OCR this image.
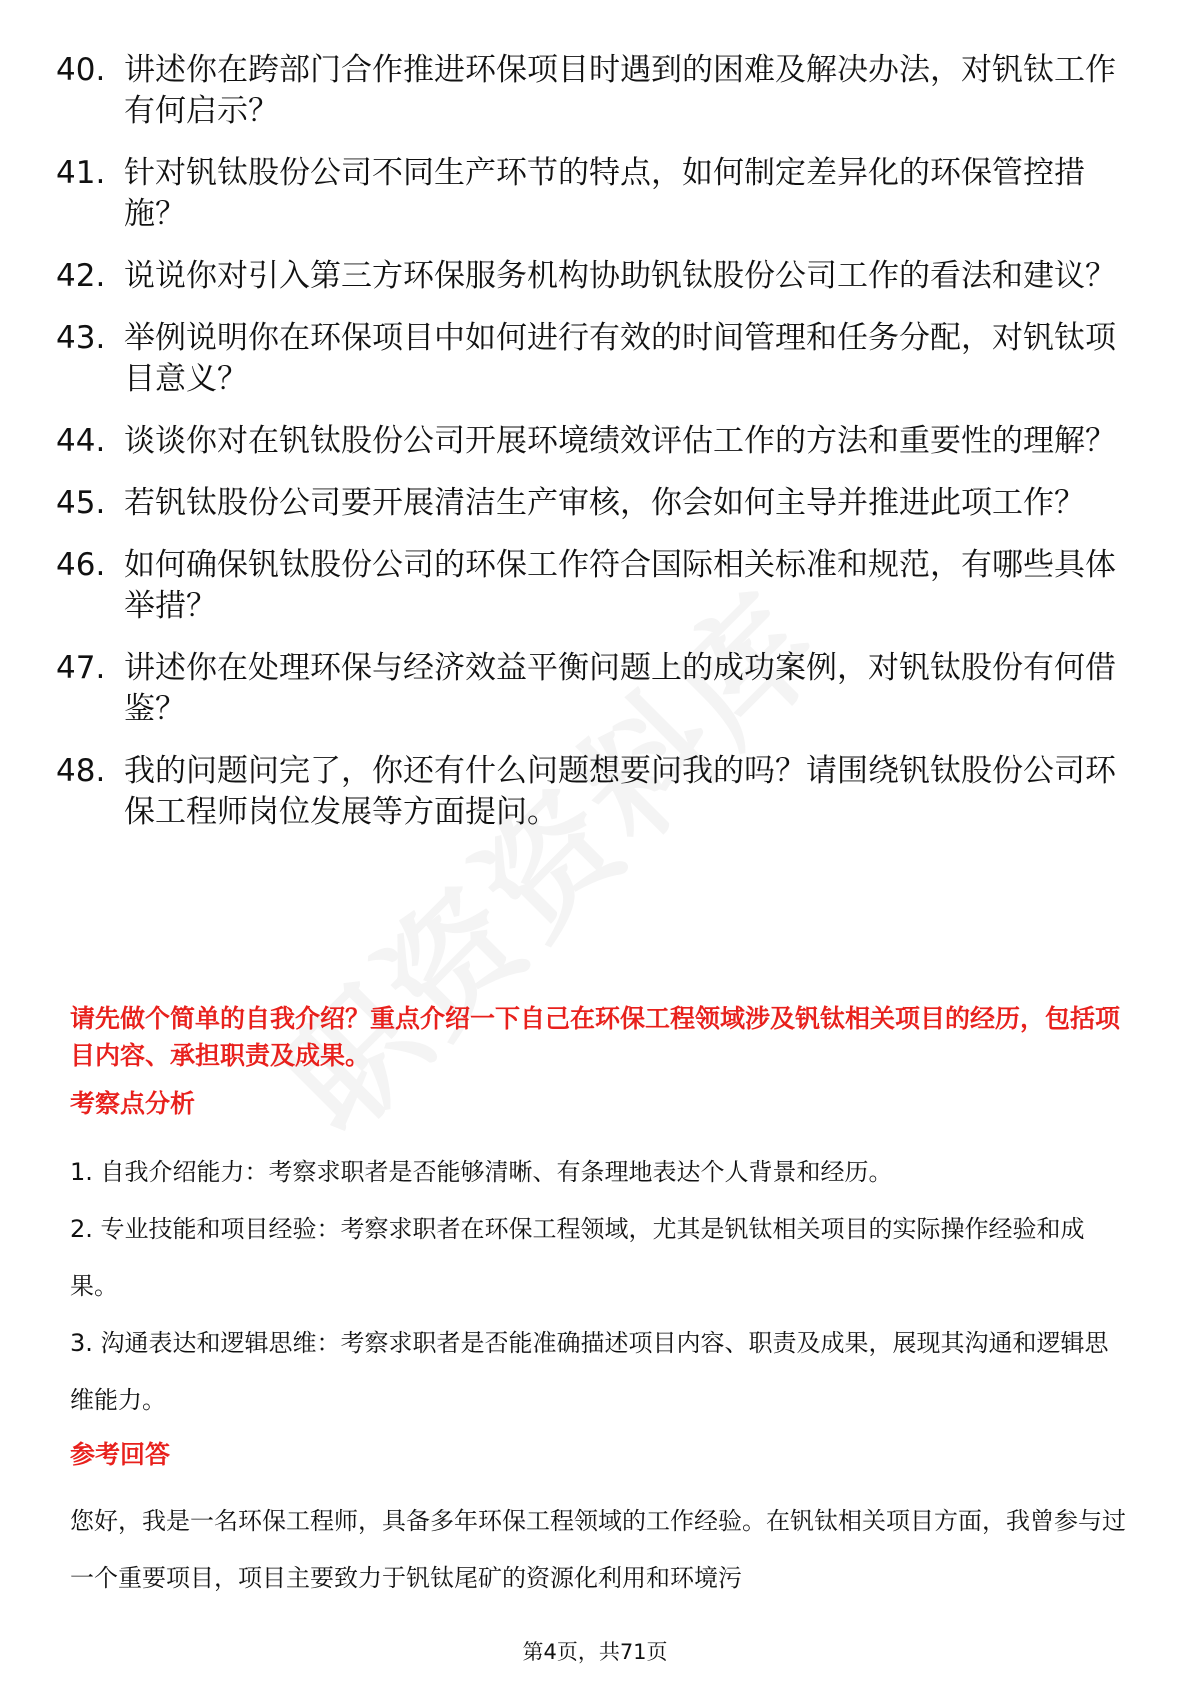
40. 讲述你在跨部门合作推进环保项目时遇到的困难及解决办法，对钒钛工作有何启示？
41. 针对钒钛股份公司不同生产环节的特点，如何制定差异化的环保管控措施？
42. 说说你对引入第三方环保服务机构协助钒钛股份公司工作的看法和建议？
43. 举例说明你在环保项目中如何进行有效的时间管理和任务分配，对钒钛项目意义？
44. 谈谈你对在钒钛股份公司开展环境绩效评估工作的方法和重要性的理解？
45. 若钒钛股份公司要开展清洁生产审核，你会如何主导并推进此项工作？
46. 如何确保钒钛股份公司的环保工作符合国际相关标准和规范，有哪些具体举措？
47. 讲述你在处理环保与经济效益平衡问题上的成功案例，对钒钛股份有何借鉴？
48. 我的问题问完了，你还有什么问题想要问我的吗？请围绕钒钛股份公司环保工程师岗位发展等方面提问。

请先做个简单的自我介绍？重点介绍一下自己在环保工程领域涉及钒钛相关项目的经历，包括项目内容、承担职责及成果。

考察点分析
1. 自我介绍能力：考察求职者是否能够清晰、有条理地表达个人背景和经历。
2. 专业技能和项目经验：考察求职者在环保工程领域，尤其是钒钛相关项目的实际操作经验和成果。
3. 沟通表达和逻辑思维：考察求职者是否能准确描述项目内容、职责及成果，展现其沟通和逻辑思维能力。
参考回答

您好，我是一名环保工程师，具备多年环保工程领域的工作经验。在钒钛相关项目方面，我曾参与过一个重要项目，项目主要致力于钒钛尾矿的资源化利用和环境污

第4页，共71页
